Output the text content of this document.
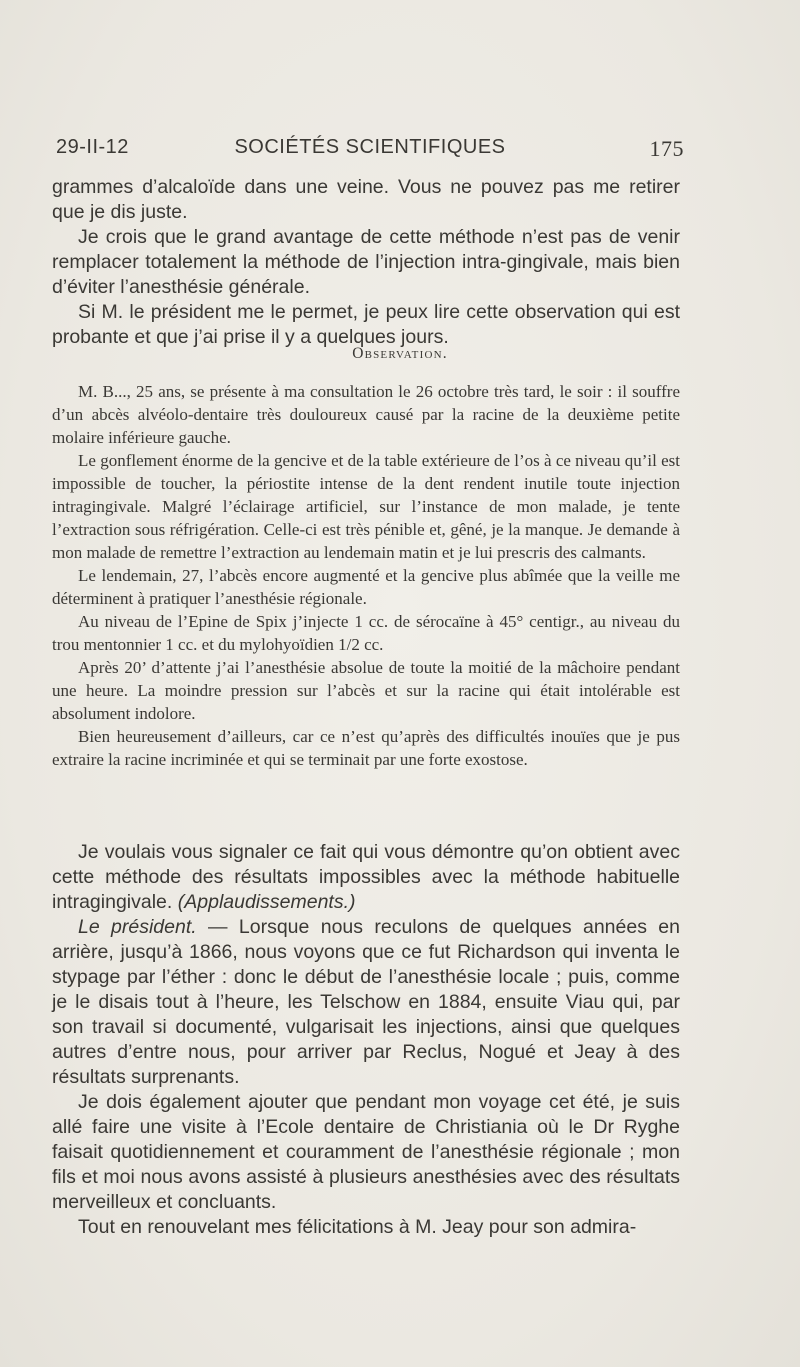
29-II-12	SOCIÉTÉS SCIENTIFIQUES	175

grammes d’alcaloïde dans une veine. Vous ne pouvez pas me retirer que je dis juste.

Je crois que le grand avantage de cette méthode n’est pas de venir remplacer totalement la méthode de l’injection intra-gingivale, mais bien d’éviter l’anesthésie générale.

Si M. le président me le permet, je peux lire cette observation qui est probante et que j’ai prise il y a quelques jours.

Observation.

M. B..., 25 ans, se présente à ma consultation le 26 octobre très tard, le soir : il souffre d’un abcès alvéolo-dentaire très douloureux causé par la racine de la deuxième petite molaire inférieure gauche.

Le gonflement énorme de la gencive et de la table extérieure de l’os à ce niveau qu’il est impossible de toucher, la périostite intense de la dent rendent inutile toute injection intragingivale. Malgré l’éclairage artificiel, sur l’instance de mon malade, je tente l’extraction sous réfrigération. Celle-ci est très pénible et, gêné, je la manque. Je demande à mon malade de remettre l’extraction au lendemain matin et je lui prescris des calmants.

Le lendemain, 27, l’abcès encore augmenté et la gencive plus abîmée que la veille me déterminent à pratiquer l’anesthésie régionale.

Au niveau de l’Epine de Spix j’injecte 1 cc. de sérocaïne à 45° centigr., au niveau du trou mentonnier 1 cc. et du mylohyoïdien 1/2 cc.

Après 20’ d’attente j’ai l’anesthésie absolue de toute la moitié de la mâchoire pendant une heure. La moindre pression sur l’abcès et sur la racine qui était intolérable est absolument indolore.

Bien heureusement d’ailleurs, car ce n’est qu’après des difficultés inouïes que je pus extraire la racine incriminée et qui se terminait par une forte exostose.

Je voulais vous signaler ce fait qui vous démontre qu’on obtient avec cette méthode des résultats impossibles avec la méthode habituelle intragingivale. (Applaudissements.)

Le président. — Lorsque nous reculons de quelques années en arrière, jusqu’à 1866, nous voyons que ce fut Richardson qui inventa le stypage par l’éther : donc le début de l’anesthésie locale ; puis, comme je le disais tout à l’heure, les Telschow en 1884, ensuite Viau qui, par son travail si documenté, vulgarisait les injections, ainsi que quelques autres d’entre nous, pour arriver par Reclus, Nogué et Jeay à des résultats surprenants.

Je dois également ajouter que pendant mon voyage cet été, je suis allé faire une visite à l’Ecole dentaire de Christiania où le Dr Ryghe faisait quotidiennement et couramment de l’anesthésie régionale ; mon fils et moi nous avons assisté à plusieurs anesthésies avec des résultats merveilleux et concluants.

Tout en renouvelant mes félicitations à M. Jeay pour son admira-
